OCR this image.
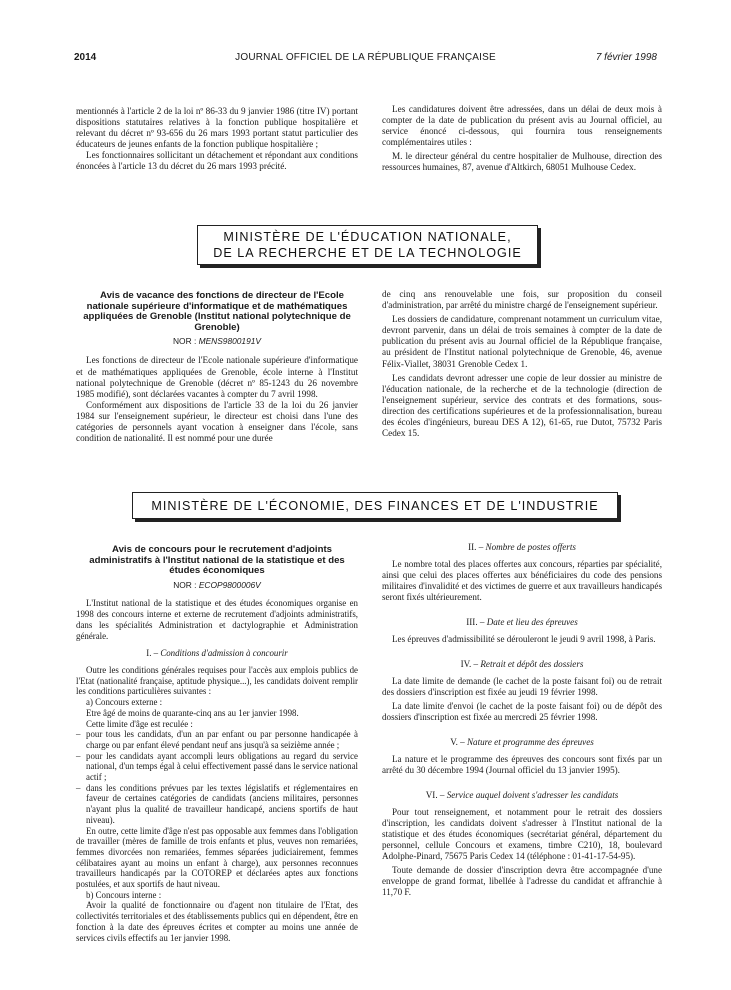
2014	JOURNAL OFFICIEL DE LA RÉPUBLIQUE FRANÇAISE	7 février 1998

mentionnés à l'article 2 de la loi nº 86-33 du 9 janvier 1986 (titre IV) portant dispositions statutaires relatives à la fonction publique hospitalière et relevant du décret nº 93-656 du 26 mars 1993 portant statut particulier des éducateurs de jeunes enfants de la fonction publique hospitalière ;

Les fonctionnaires sollicitant un détachement et répondant aux conditions énoncées à l'article 13 du décret du 26 mars 1993 précité.

Les candidatures doivent être adressées, dans un délai de deux mois à compter de la date de publication du présent avis au Journal officiel, au service énoncé ci-dessous, qui fournira tous renseignements complémentaires utiles :

M. le directeur général du centre hospitalier de Mulhouse, direction des ressources humaines, 87, avenue d'Altkirch, 68051 Mulhouse Cedex.

MINISTÈRE DE L'ÉDUCATION NATIONALE,
DE LA RECHERCHE ET DE LA TECHNOLOGIE

Avis de vacance des fonctions de directeur de l'Ecole nationale supérieure d'informatique et de mathématiques appliquées de Grenoble (Institut national polytechnique de Grenoble)

NOR : MENS9800191V

Les fonctions de directeur de l'Ecole nationale supérieure d'informatique et de mathématiques appliquées de Grenoble, école interne à l'Institut national polytechnique de Grenoble (décret nº 85-1243 du 26 novembre 1985 modifié), sont déclarées vacantes à compter du 7 avril 1998.

Conformément aux dispositions de l'article 33 de la loi du 26 janvier 1984 sur l'enseignement supérieur, le directeur est choisi dans l'une des catégories de personnels ayant vocation à enseigner dans l'école, sans condition de nationalité. Il est nommé pour une durée

de cinq ans renouvelable une fois, sur proposition du conseil d'administration, par arrêté du ministre chargé de l'enseignement supérieur.

Les dossiers de candidature, comprenant notamment un curriculum vitae, devront parvenir, dans un délai de trois semaines à compter de la date de publication du présent avis au Journal officiel de la République française, au président de l'Institut national polytechnique de Grenoble, 46, avenue Félix-Viallet, 38031 Grenoble Cedex 1.

Les candidats devront adresser une copie de leur dossier au ministre de l'éducation nationale, de la recherche et de la technologie (direction de l'enseignement supérieur, service des contrats et des formations, sous-direction des certifications supérieures et de la professionnalisation, bureau des écoles d'ingénieurs, bureau DES A 12), 61-65, rue Dutot, 75732 Paris Cedex 15.

MINISTÈRE DE L'ÉCONOMIE, DES FINANCES ET DE L'INDUSTRIE

Avis de concours pour le recrutement d'adjoints administratifs à l'Institut national de la statistique et des études économiques

NOR : ECOP9800006V

L'Institut national de la statistique et des études économiques organise en 1998 des concours interne et externe de recrutement d'adjoints administratifs, dans les spécialités Administration et dactylographie et Administration générale.

I. – Conditions d'admission à concourir

Outre les conditions générales requises pour l'accès aux emplois publics de l'Etat (nationalité française, aptitude physique...), les candidats doivent remplir les conditions particulières suivantes :

a) Concours externe :

Etre âgé de moins de quarante-cinq ans au 1er janvier 1998.

Cette limite d'âge est reculée :

– pour tous les candidats, d'un an par enfant ou par personne handicapée à charge ou par enfant élevé pendant neuf ans jusqu'à sa seizième année ;

– pour les candidats ayant accompli leurs obligations au regard du service national, d'un temps égal à celui effectivement passé dans le service national actif ;

– dans les conditions prévues par les textes législatifs et réglementaires en faveur de certaines catégories de candidats (anciens militaires, personnes n'ayant plus la qualité de travailleur handicapé, anciens sportifs de haut niveau).

En outre, cette limite d'âge n'est pas opposable aux femmes dans l'obligation de travailler (mères de famille de trois enfants et plus, veuves non remariées, femmes divorcées non remariées, femmes séparées judiciairement, femmes célibataires ayant au moins un enfant à charge), aux personnes reconnues travailleurs handicapés par la COTOREP et déclarées aptes aux fonctions postulées, et aux sportifs de haut niveau.

b) Concours interne :

Avoir la qualité de fonctionnaire ou d'agent non titulaire de l'Etat, des collectivités territoriales et des établissements publics qui en dépendent, être en fonction à la date des épreuves écrites et compter au moins une année de services civils effectifs au 1er janvier 1998.

II. – Nombre de postes offerts

Le nombre total des places offertes aux concours, réparties par spécialité, ainsi que celui des places offertes aux bénéficiaires du code des pensions militaires d'invalidité et des victimes de guerre et aux travailleurs handicapés seront fixés ultérieurement.

III. – Date et lieu des épreuves

Les épreuves d'admissibilité se dérouleront le jeudi 9 avril 1998, à Paris.

IV. – Retrait et dépôt des dossiers

La date limite de demande (le cachet de la poste faisant foi) ou de retrait des dossiers d'inscription est fixée au jeudi 19 février 1998.

La date limite d'envoi (le cachet de la poste faisant foi) ou de dépôt des dossiers d'inscription est fixée au mercredi 25 février 1998.

V. – Nature et programme des épreuves

La nature et le programme des épreuves des concours sont fixés par un arrêté du 30 décembre 1994 (Journal officiel du 13 janvier 1995).

VI. – Service auquel doivent s'adresser les candidats

Pour tout renseignement, et notamment pour le retrait des dossiers d'inscription, les candidats doivent s'adresser à l'Institut national de la statistique et des études économiques (secrétariat général, département du personnel, cellule Concours et examens, timbre C210), 18, boulevard Adolphe-Pinard, 75675 Paris Cedex 14 (téléphone : 01-41-17-54-95).

Toute demande de dossier d'inscription devra être accompagnée d'une enveloppe de grand format, libellée à l'adresse du candidat et affranchie à 11,70 F.
